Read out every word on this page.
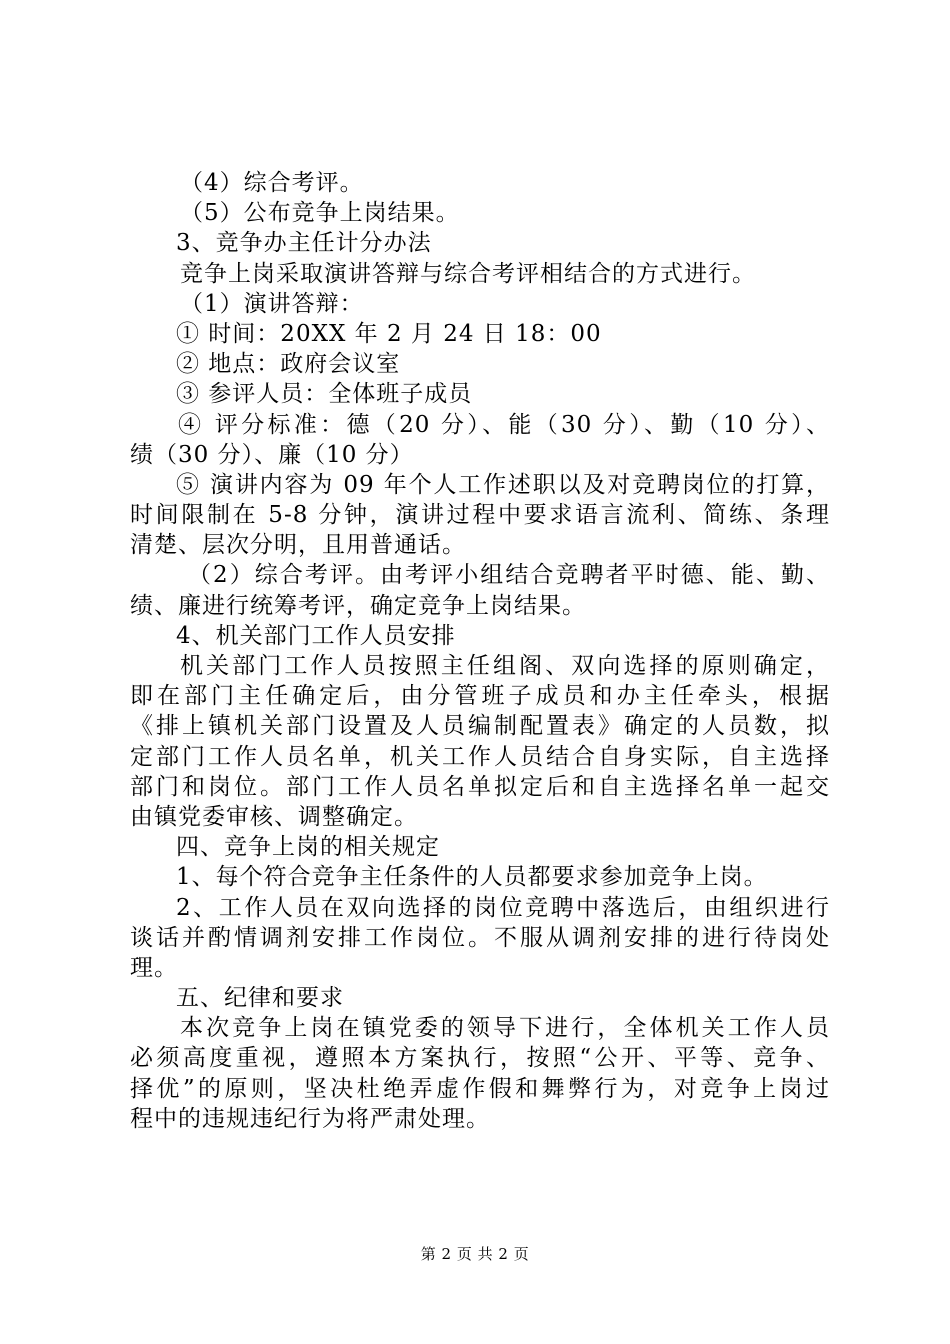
（4）综合考评。
（5）公布竞争上岗结果。
3、竞争办主任计分办法
竞争上岗采取演讲答辩与综合考评相结合的方式进行。
（1）演讲答辩：
① 时间：20XX 年 2 月 24 日 18：00
② 地点：政府会议室
③ 参评人员：全体班子成员
④ 评分标准：德（20 分）、能（30 分）、勤（10 分）、
绩（30 分）、廉（10 分）
⑤ 演讲内容为 09 年个人工作述职以及对竞聘岗位的打算，
时间限制在 5-8 分钟，演讲过程中要求语言流利、简练、条理
清楚、层次分明，且用普通话。
（2）综合考评。由考评小组结合竞聘者平时德、能、勤、
绩、廉进行统筹考评，确定竞争上岗结果。
4、机关部门工作人员安排
机关部门工作人员按照主任组阁、双向选择的原则确定，
即在部门主任确定后，由分管班子成员和办主任牵头，根据
《排上镇机关部门设置及人员编制配置表》确定的人员数，拟
定部门工作人员名单，机关工作人员结合自身实际，自主选择
部门和岗位。部门工作人员名单拟定后和自主选择名单一起交
由镇党委审核、调整确定。
四、竞争上岗的相关规定
1、每个符合竞争主任条件的人员都要求参加竞争上岗。
2、工作人员在双向选择的岗位竞聘中落选后，由组织进行
谈话并酌情调剂安排工作岗位。不服从调剂安排的进行待岗处
理。
五、纪律和要求
本次竞争上岗在镇党委的领导下进行，全体机关工作人员
必须高度重视，遵照本方案执行，按照“公开、平等、竞争、
择优”的原则，坚决杜绝弄虚作假和舞弊行为，对竞争上岗过
程中的违规违纪行为将严肃处理。
第 2 页 共 2 页
